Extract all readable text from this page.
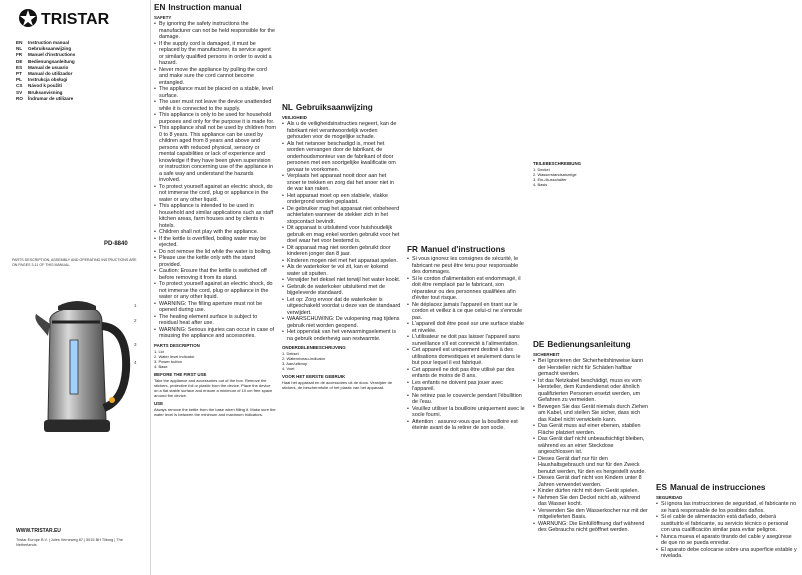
TRISTAR
EN	Instruction manual
NL	Gebruiksaanwijzing
FR	Manuel d'instructions
DE	Bedienungsanleitung
ES	Manual de usuario
PT	Manual do utilizador
PL	Instrukcja obsługi
CS	Návod k použití
SV	Bruksanvisning
RO	Îndrumar de utilizare
PD-8840
PARTS DESCRIPTION, ASSEMBLY AND OPERATING INSTRUCTIONS ARE ON PAGES 3-11 OF THIS MANUAL.
1
2
3
4
WWW.TRISTAR.EU
Tristar Europe B.V. | Jules Verneweg 87 | 5015 BH Tilburg | The Netherlands
EN Instruction manual
SAFETY
• By ignoring the safety instructions the manufacturer can not be held responsible for the damage.
• If the supply cord is damaged, it must be replaced by the manufacturer, its service agent or similarly qualified persons in order to avoid a hazard.
• Never move the appliance by pulling the cord and make sure the cord cannot become entangled.
• The appliance must be placed on a stable, level surface.
• The user must not leave the device unattended while it is connected to the supply.
• This appliance is only to be used for household purposes and only for the purpose it is made for.
• This appliance shall not be used by children from 0 to 8 years. This appliance can be used by children aged from 8 years and above and persons with reduced physical, sensory or mental capabilities or lack of experience and knowledge if they have been given supervision or instruction concerning use of the appliance in a safe way and understand the hazards involved.
• To protect yourself against an electric shock, do not immerse the cord, plug or appliance in the water or any other liquid.
• This appliance is intended to be used in household and similar applications such as staff kitchen areas, farm houses and by clients in hotels.
• Children shall not play with the appliance.
• If the kettle is overfilled, boiling water may be ejected.
• Do not remove the lid while the water is boiling.
• Please use the kettle only with the stand provided.
• Caution: Ensure that the kettle is switched off before removing it from its stand.
• To protect yourself against an electric shock, do not immerse the cord, plug or appliance in the water or any other liquid.
• WARNING: The filling aperture must not be opened during use.
• The heating element surface is subject to residual heat after use.
• WARNING: Serious injuries can occur in case of misusing the appliance and accessories.
PARTS DESCRIPTION
1. Lid
2. Water level indicator
3. Power button
4. Base
BEFORE THE FIRST USE

Take the appliance and accessories out of the box. Remove the stickers, protective foil or plastic from the device. Place the device on a flat stable surface and ensure a minimum of 10 cm free space around the device.

USE

Always remove the kettle from the base when filling it. Make sure the water level is between the minimum and maximum indicators.

NL Gebruiksaanwijzing
VEILIGHEID
• Als u de veiligheidsinstructies negeert, kan de fabrikant niet verantwoordelijk worden gehouden voor de mogelijke schade.
• Als het netsnoer beschadigd is, moet het worden vervangen door de fabrikant, de onderhoudsmonteur van de fabrikant of door personen met een soortgelijke kwalificatie om gevaar te voorkomen.
• Verplaats het apparaat nooit door aan het snoer te trekken en zorg dat het snoer niet in de war kan raken.
• Het apparaat moet op een stabiele, vlakke ondergrond worden geplaatst.
• De gebruiker mag het apparaat niet onbeheerd achterlaten wanneer de stekker zich in het stopcontact bevindt.
• Dit apparaat is uitsluitend voor huishoudelijk gebruik en mag enkel worden gebruikt voor het doel waar het voor bestemd is.
• Dit apparaat mag niet worden gebruikt door kinderen jonger dan 8 jaar.
• Kinderen mogen niet met het apparaat spelen.
• Als de waterkoker te vol zit, kan er kokend water uit spuiten.
• Verwijder het deksel niet terwijl het water kookt.
• Gebruik de waterkoker uitsluitend met de bijgeleverde standaard.
• Let op: Zorg ervoor dat de waterkoker is uitgeschakeld voordat u deze van de standaard verwijdert.
• WAARSCHUWING: De vulopening mag tijdens gebruik niet worden geopend.
• Het oppervlak van het verwarmingselement is na gebruik onderhevig aan restwarmte.
ONDERDELENBESCHRIJVING
1. Deksel
2. Waterniveau-indicator
3. Aan/uitknop
4. Voet
VOOR HET EERSTE GEBRUIK

Haal het apparaat en de accessoires uit de doos. Verwijder de stickers, de beschermfolie of het plastic van het apparaat.

FR Manuel d'instructions
• Si vous ignorez les consignes de sécurité, le fabricant ne peut être tenu pour responsable des dommages.
• Si le cordon d'alimentation est endommagé, il doit être remplacé par le fabricant, son réparateur ou des personnes qualifiées afin d'éviter tout risque.
• Ne déplacez jamais l'appareil en tirant sur le cordon et veillez à ce que celui-ci ne s'enroule pas.
• L'appareil doit être posé sur une surface stable et nivelée.
• L'utilisateur ne doit pas laisser l'appareil sans surveillance s'il est connecté à l'alimentation.
• Cet appareil est uniquement destiné à des utilisations domestiques et seulement dans le but pour lequel il est fabriqué.
• Cet appareil ne doit pas être utilisé par des enfants de moins de 8 ans.
• Les enfants ne doivent pas jouer avec l'appareil.
• Ne retirez pas le couvercle pendant l'ébullition de l'eau.
• Veuillez utiliser la bouilloire uniquement avec le socle fourni.
• Attention : assurez-vous que la bouilloire est éteinte avant de la retirer de son socle.
TEILEBESCHREIBUNG
1. Deckel
2. Wasserstandsanzeige
3. Ein-/Ausschalter
4. Basis
DE Bedienungsanleitung
SICHERHEIT
• Bei Ignorieren der Sicherheitshinweise kann der Hersteller nicht für Schäden haftbar gemacht werden.
• Ist das Netzkabel beschädigt, muss es vom Hersteller, dem Kundendienst oder ähnlich qualifizierten Personen ersetzt werden, um Gefahren zu vermeiden.
• Bewegen Sie das Gerät niemals durch Ziehen am Kabel, und stellen Sie sicher, dass sich das Kabel nicht verwickeln kann.
• Das Gerät muss auf einer ebenen, stabilen Fläche platziert werden.
• Das Gerät darf nicht unbeaufsichtigt bleiben, während es an einer Steckdose angeschlossen ist.
• Dieses Gerät darf nur für den Haushaltsgebrauch und nur für den Zweck benutzt werden, für den es hergestellt wurde.
• Dieses Gerät darf nicht von Kindern unter 8 Jahren verwendet werden.
• Kinder dürfen nicht mit dem Gerät spielen.
• Nehmen Sie den Deckel nicht ab, während das Wasser kocht.
• Verwenden Sie den Wasserkocher nur mit der mitgelieferten Basis.
• WARNUNG: Die Einfüllöffnung darf während des Gebrauchs nicht geöffnet werden.
ES Manual de instrucciones
SEGURIDAD
• Si ignora las instrucciones de seguridad, el fabricante no se hará responsable de los posibles daños.
• Si el cable de alimentación está dañado, deberá sustituirlo el fabricante, su servicio técnico o personal con una cualificación similar para evitar peligros.
• Nunca mueva el aparato tirando del cable y asegúrese de que no se pueda enredar.
• El aparato debe colocarse sobre una superficie estable y nivelada.
